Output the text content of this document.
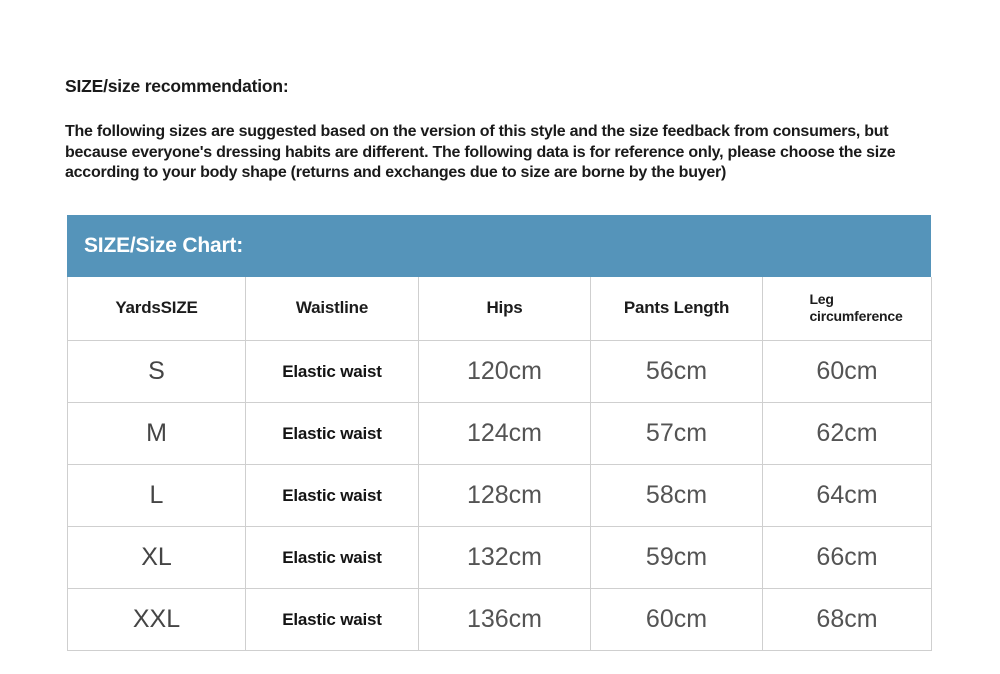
SIZE/size recommendation:

The following sizes are suggested based on the version of this style and the size feedback from consumers, but because everyone's dressing habits are different. The following data is for reference only, please choose the size according to your body shape (returns and exchanges due to size are borne by the buyer)

SIZE/Size Chart:
YardsSIZE	Waistline	Hips	Pants Length	Leg
circumference
S	Elastic waist	120cm	56cm	60cm
M	Elastic waist	124cm	57cm	62cm
L	Elastic waist	128cm	58cm	64cm
XL	Elastic waist	132cm	59cm	66cm
XXL	Elastic waist	136cm	60cm	68cm
